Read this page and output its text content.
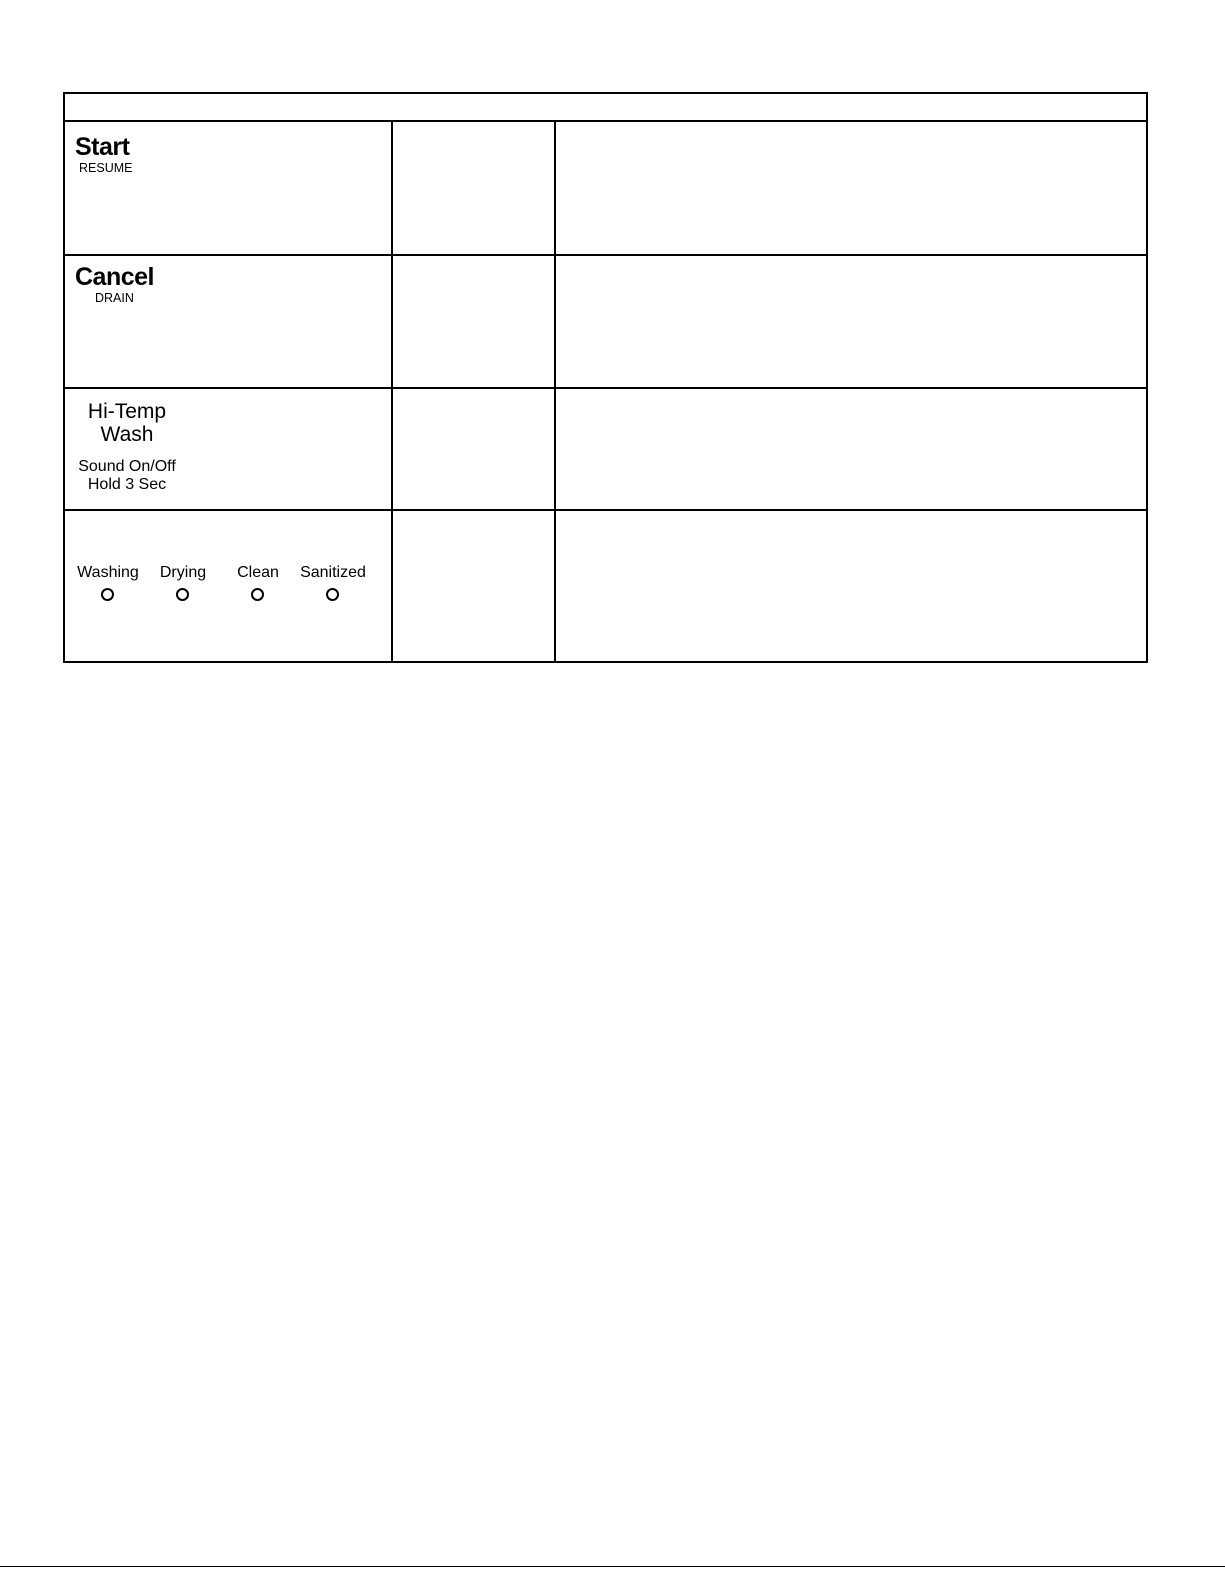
Start
RESUME
Cancel
DRAIN
Hi-Temp
Wash
Sound On/Off
Hold 3 Sec
Washing	Drying	Clean	Sanitized
